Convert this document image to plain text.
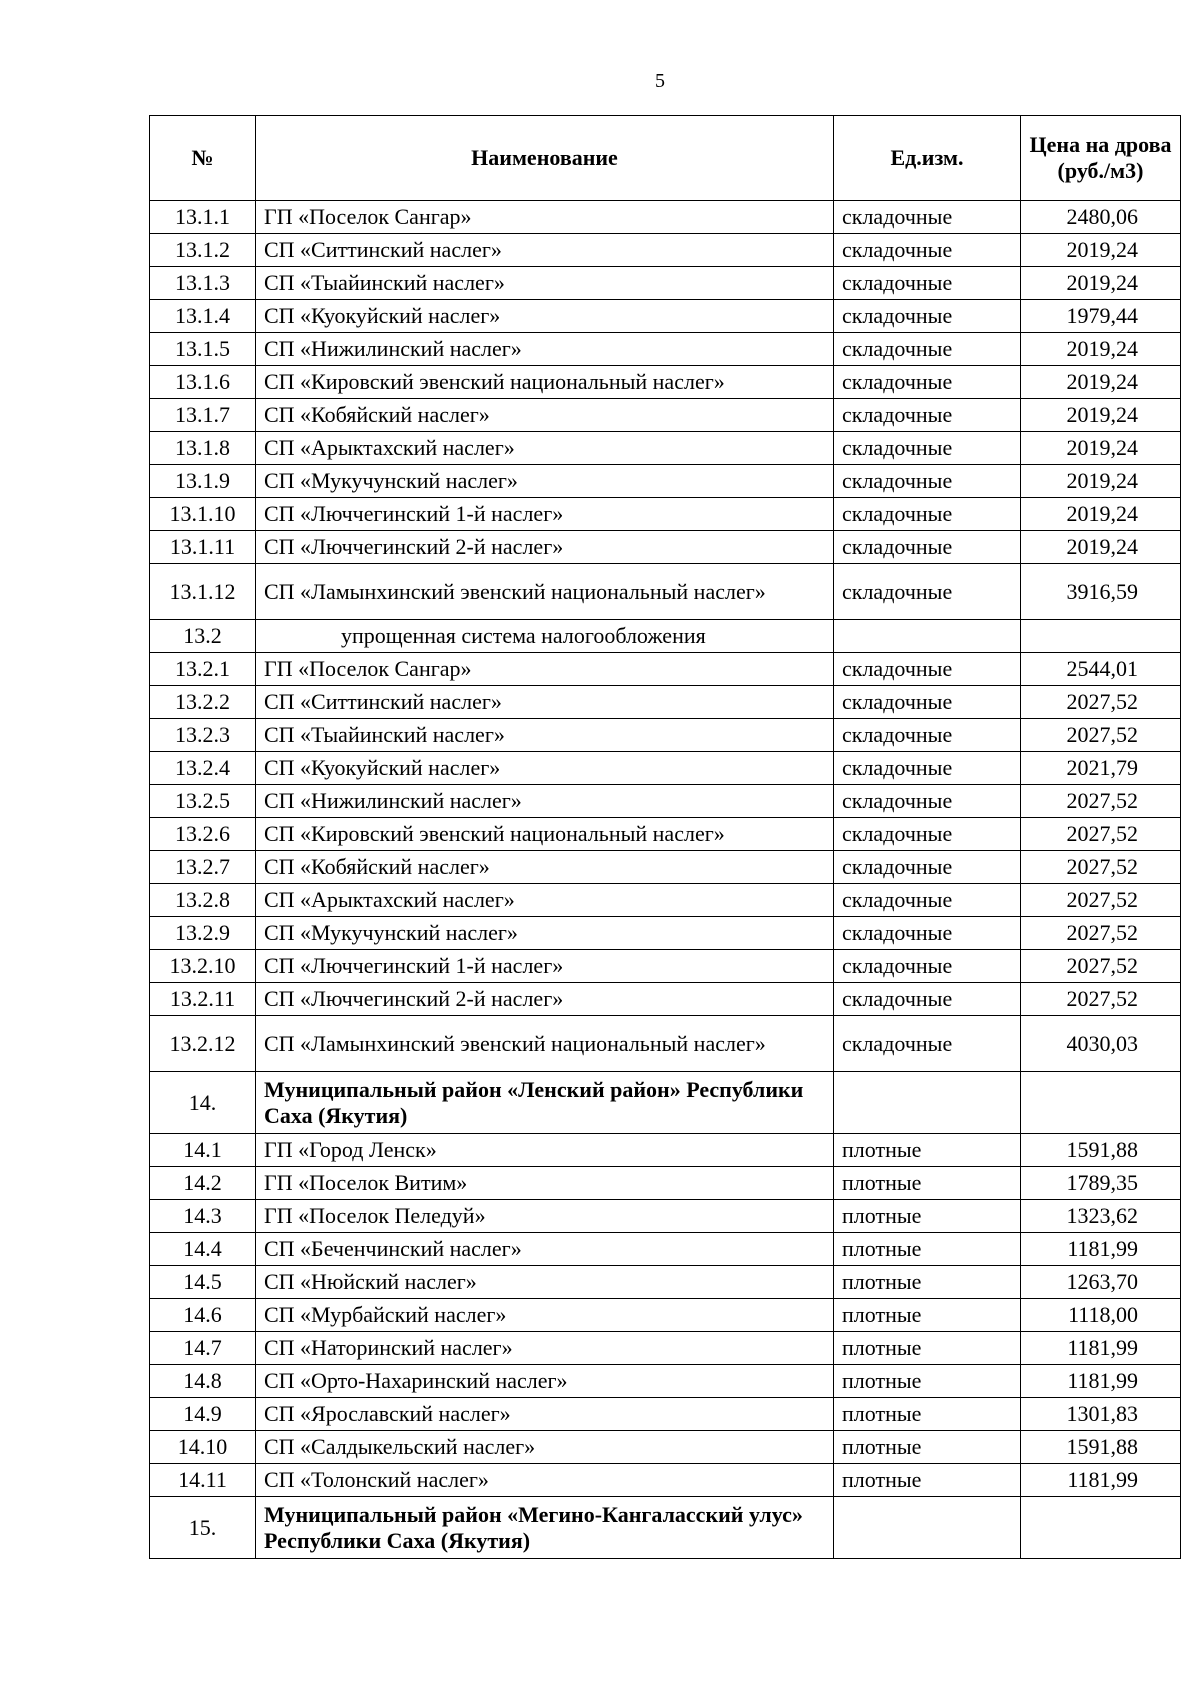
5
№	Наименование	Ед.изм.	Цена на дрова (руб./м3)
13.1.1	ГП «Поселок Сангар»	складочные	2480,06
13.1.2	СП «Ситтинский наслег»	складочные	2019,24
13.1.3	СП «Тыайинский наслег»	складочные	2019,24
13.1.4	СП «Куокуйский наслег»	складочные	1979,44
13.1.5	СП «Нижилинский наслег»	складочные	2019,24
13.1.6	СП «Кировский эвенский национальный наслег»	складочные	2019,24
13.1.7	СП «Кобяйский наслег»	складочные	2019,24
13.1.8	СП «Арыктахский наслег»	складочные	2019,24
13.1.9	СП «Мукучунский наслег»	складочные	2019,24
13.1.10	СП «Люччегинский 1-й наслег»	складочные	2019,24
13.1.11	СП «Люччегинский 2-й наслег»	складочные	2019,24
13.1.12	СП «Ламынхинский эвенский национальный наслег»	складочные	3916,59
13.2	упрощенная система налогообложения		
13.2.1	ГП «Поселок Сангар»	складочные	2544,01
13.2.2	СП «Ситтинский наслег»	складочные	2027,52
13.2.3	СП «Тыайинский наслег»	складочные	2027,52
13.2.4	СП «Куокуйский наслег»	складочные	2021,79
13.2.5	СП «Нижилинский наслег»	складочные	2027,52
13.2.6	СП «Кировский эвенский национальный наслег»	складочные	2027,52
13.2.7	СП «Кобяйский наслег»	складочные	2027,52
13.2.8	СП «Арыктахский наслег»	складочные	2027,52
13.2.9	СП «Мукучунский наслег»	складочные	2027,52
13.2.10	СП «Люччегинский 1-й наслег»	складочные	2027,52
13.2.11	СП «Люччегинский 2-й наслег»	складочные	2027,52
13.2.12	СП «Ламынхинский эвенский национальный наслег»	складочные	4030,03
14.	Муниципальный район «Ленский район» Республики Саха (Якутия)		
14.1	ГП «Город Ленск»	плотные	1591,88
14.2	ГП «Поселок Витим»	плотные	1789,35
14.3	ГП «Поселок Пеледуй»	плотные	1323,62
14.4	СП «Беченчинский наслег»	плотные	1181,99
14.5	СП «Нюйский наслег»	плотные	1263,70
14.6	СП «Мурбайский наслег»	плотные	1118,00
14.7	СП «Наторинский наслег»	плотные	1181,99
14.8	СП «Орто-Нахаринский наслег»	плотные	1181,99
14.9	СП «Ярославский наслег»	плотные	1301,83
14.10	СП «Салдыкельский наслег»	плотные	1591,88
14.11	СП «Толонский наслег»	плотные	1181,99
15.	Муниципальный район «Мегино-Кангаласский улус» Республики Саха (Якутия)		
